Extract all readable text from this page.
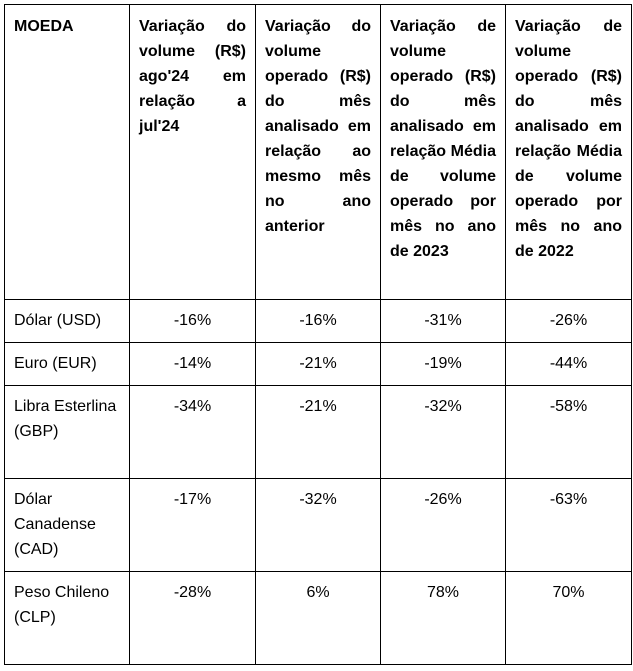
MOEDA	Variação do volume (R$) ago'24 em relação a jul'24	Variação do volume operado (R$) do mês analisado em relação ao mesmo mês no ano anterior	Variação de volume operado (R$) do mês analisado em relação Média de volume operado por mês no ano de 2023	Variação de volume operado (R$) do mês analisado em relação Média de volume operado por mês no ano de 2022
Dólar (USD)	-16%	-16%	-31%	-26%
Euro (EUR)	-14%	-21%	-19%	-44%
Libra Esterlina (GBP)	-34%	-21%	-32%	-58%
Dólar Canadense (CAD)	-17%	-32%	-26%	-63%
Peso Chileno (CLP)	-28%	6%	78%	70%
